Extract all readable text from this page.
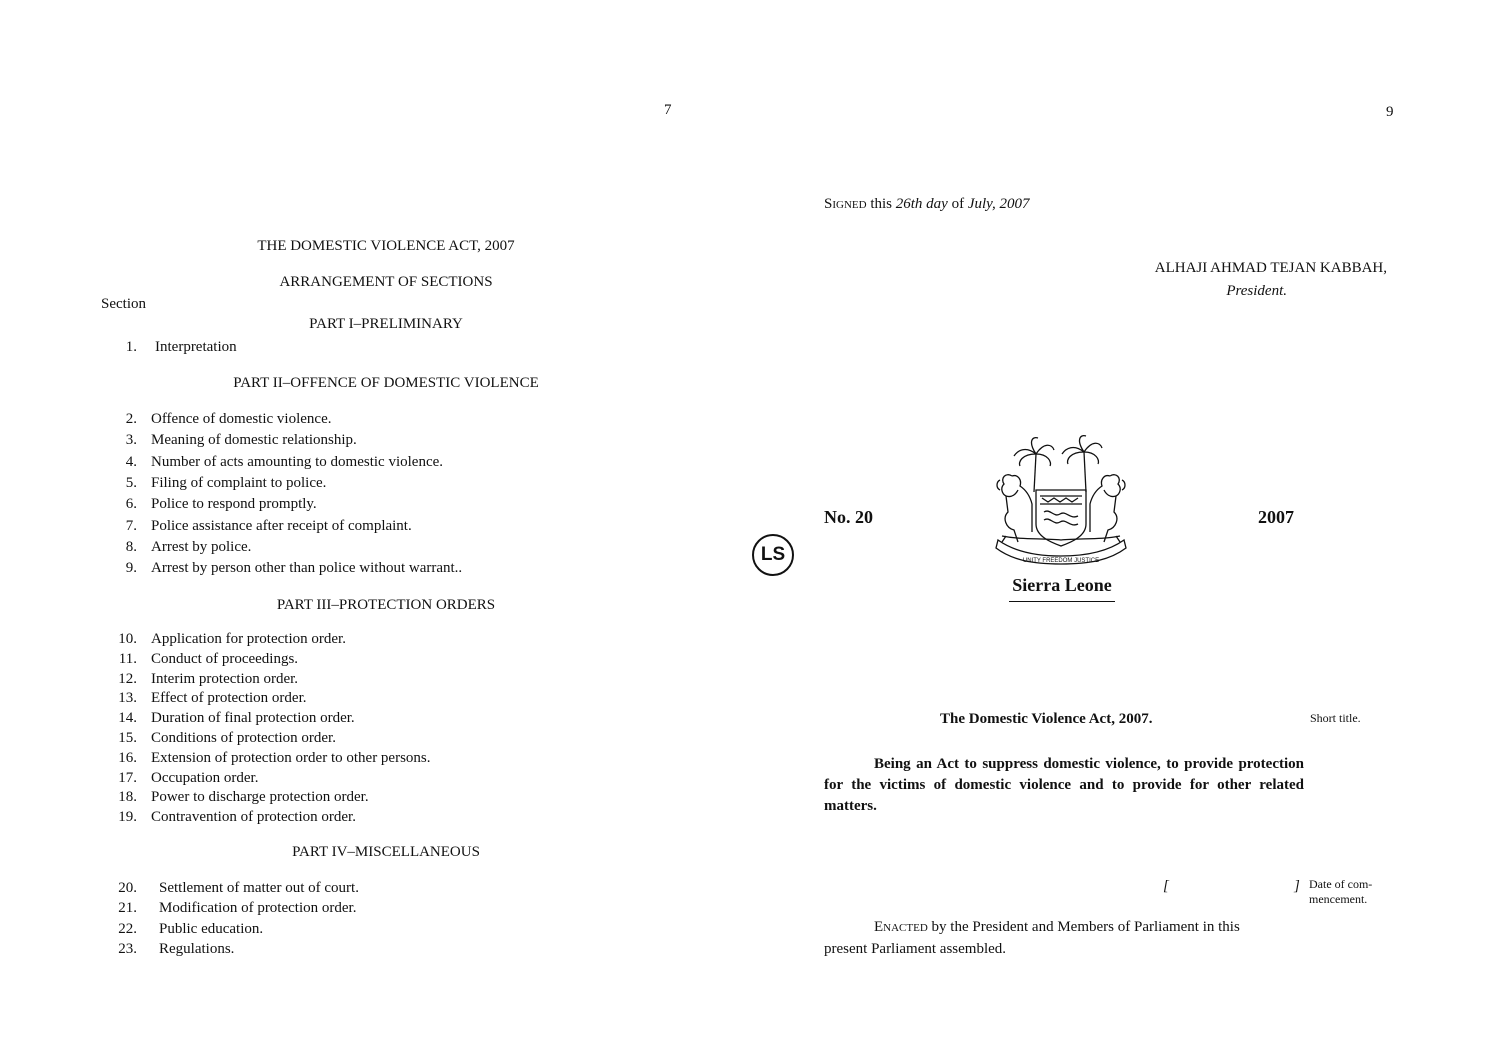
7
THE DOMESTIC VIOLENCE ACT, 2007
ARRANGEMENT OF SECTIONS
Section
PART I–PRELIMINARY
1. Interpretation
PART II–OFFENCE OF DOMESTIC VIOLENCE
2. Offence of domestic violence.
3. Meaning of domestic relationship.
4. Number of acts amounting to domestic violence.
5. Filing of complaint to police.
6. Police to respond promptly.
7. Police assistance after receipt of complaint.
8. Arrest by police.
9. Arrest by person other than police without warrant..
PART III–PROTECTION ORDERS
10. Application for protection order.
11. Conduct of proceedings.
12. Interim protection order.
13. Effect of protection order.
14. Duration of final protection order.
15. Conditions of protection order.
16. Extension of protection order to other persons.
17. Occupation order.
18. Power to discharge protection order.
19. Contravention of protection order.
PART IV–MISCELLANEOUS
20. Settlement of matter out of court.
21. Modification of protection order.
22. Public education.
23. Regulations.
LS
9
Signed this 26th day of July, 2007
ALHAJI AHMAD TEJAN KABBAH,
President.
No. 20	2007
UNITY FREEDOM JUSTICE
Sierra Leone
The Domestic Violence Act, 2007.	Short title.
Being an Act to suppress domestic violence, to provide protection for the victims of domestic violence and to provide for other related matters.
[	] Date of com-
mencement.
Enacted by the President and Members of Parliament in this
present Parliament assembled.
